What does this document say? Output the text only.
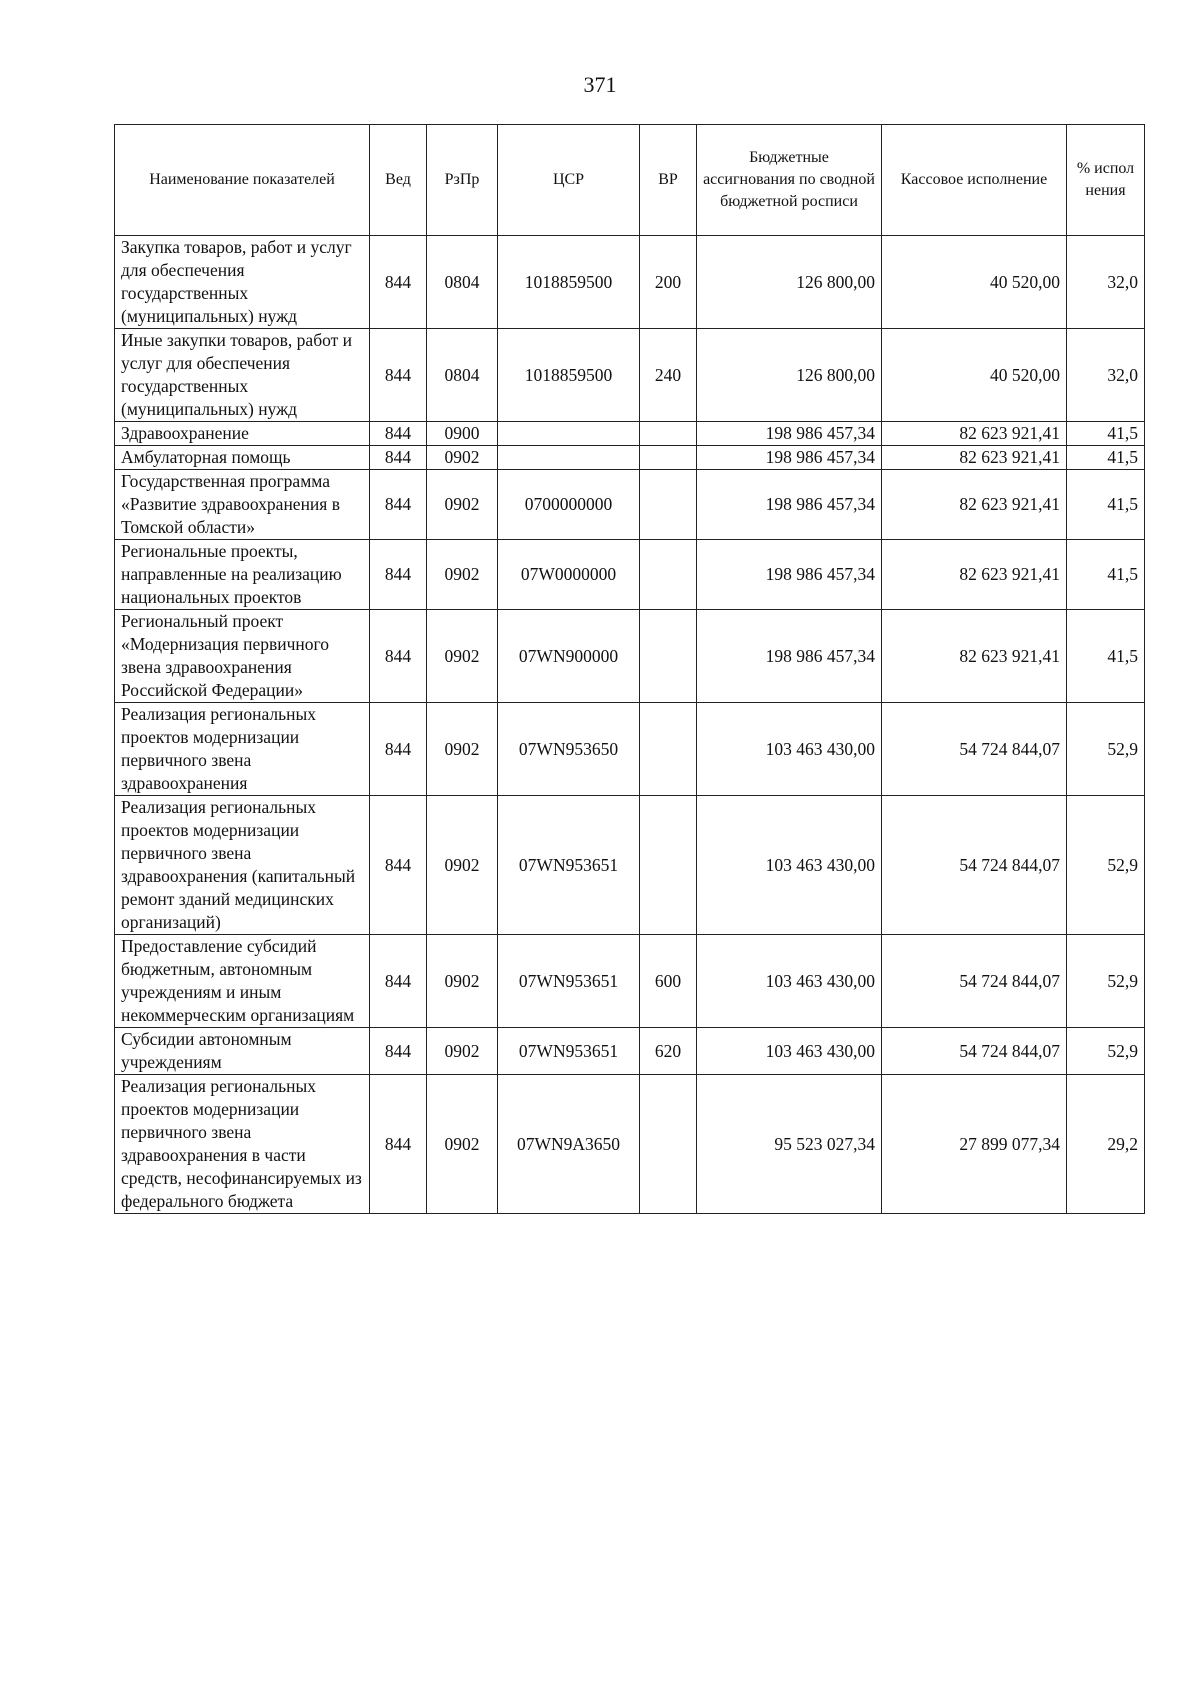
371
Наименование показателей	Вед	РзПр	ЦСР	ВР	Бюджетные ассигнования по сводной бюджетной росписи	Кассовое исполнение	% испол нения
Закупка товаров, работ и услуг для обеспечения государственных (муниципальных) нужд	844	0804	1018859500	200	126 800,00	40 520,00	32,0
Иные закупки товаров, работ и услуг для обеспечения государственных (муниципальных) нужд	844	0804	1018859500	240	126 800,00	40 520,00	32,0
Здравоохранение	844	0900			198 986 457,34	82 623 921,41	41,5
Амбулаторная помощь	844	0902			198 986 457,34	82 623 921,41	41,5
Государственная программа «Развитие здравоохранения в Томской области»	844	0902	0700000000		198 986 457,34	82 623 921,41	41,5
Региональные проекты, направленные на реализацию национальных проектов	844	0902	07W0000000		198 986 457,34	82 623 921,41	41,5
Региональный проект «Модернизация первичного звена здравоохранения Российской Федерации»	844	0902	07WN900000		198 986 457,34	82 623 921,41	41,5
Реализация региональных проектов модернизации первичного звена здравоохранения	844	0902	07WN953650		103 463 430,00	54 724 844,07	52,9
Реализация региональных проектов модернизации первичного звена здравоохранения (капитальный ремонт зданий медицинских организаций)	844	0902	07WN953651		103 463 430,00	54 724 844,07	52,9
Предоставление субсидий бюджетным, автономным учреждениям и иным некоммерческим организациям	844	0902	07WN953651	600	103 463 430,00	54 724 844,07	52,9
Субсидии автономным учреждениям	844	0902	07WN953651	620	103 463 430,00	54 724 844,07	52,9
Реализация региональных проектов модернизации первичного звена здравоохранения в части средств, несофинансируемых из федерального бюджета	844	0902	07WN9A3650		95 523 027,34	27 899 077,34	29,2
